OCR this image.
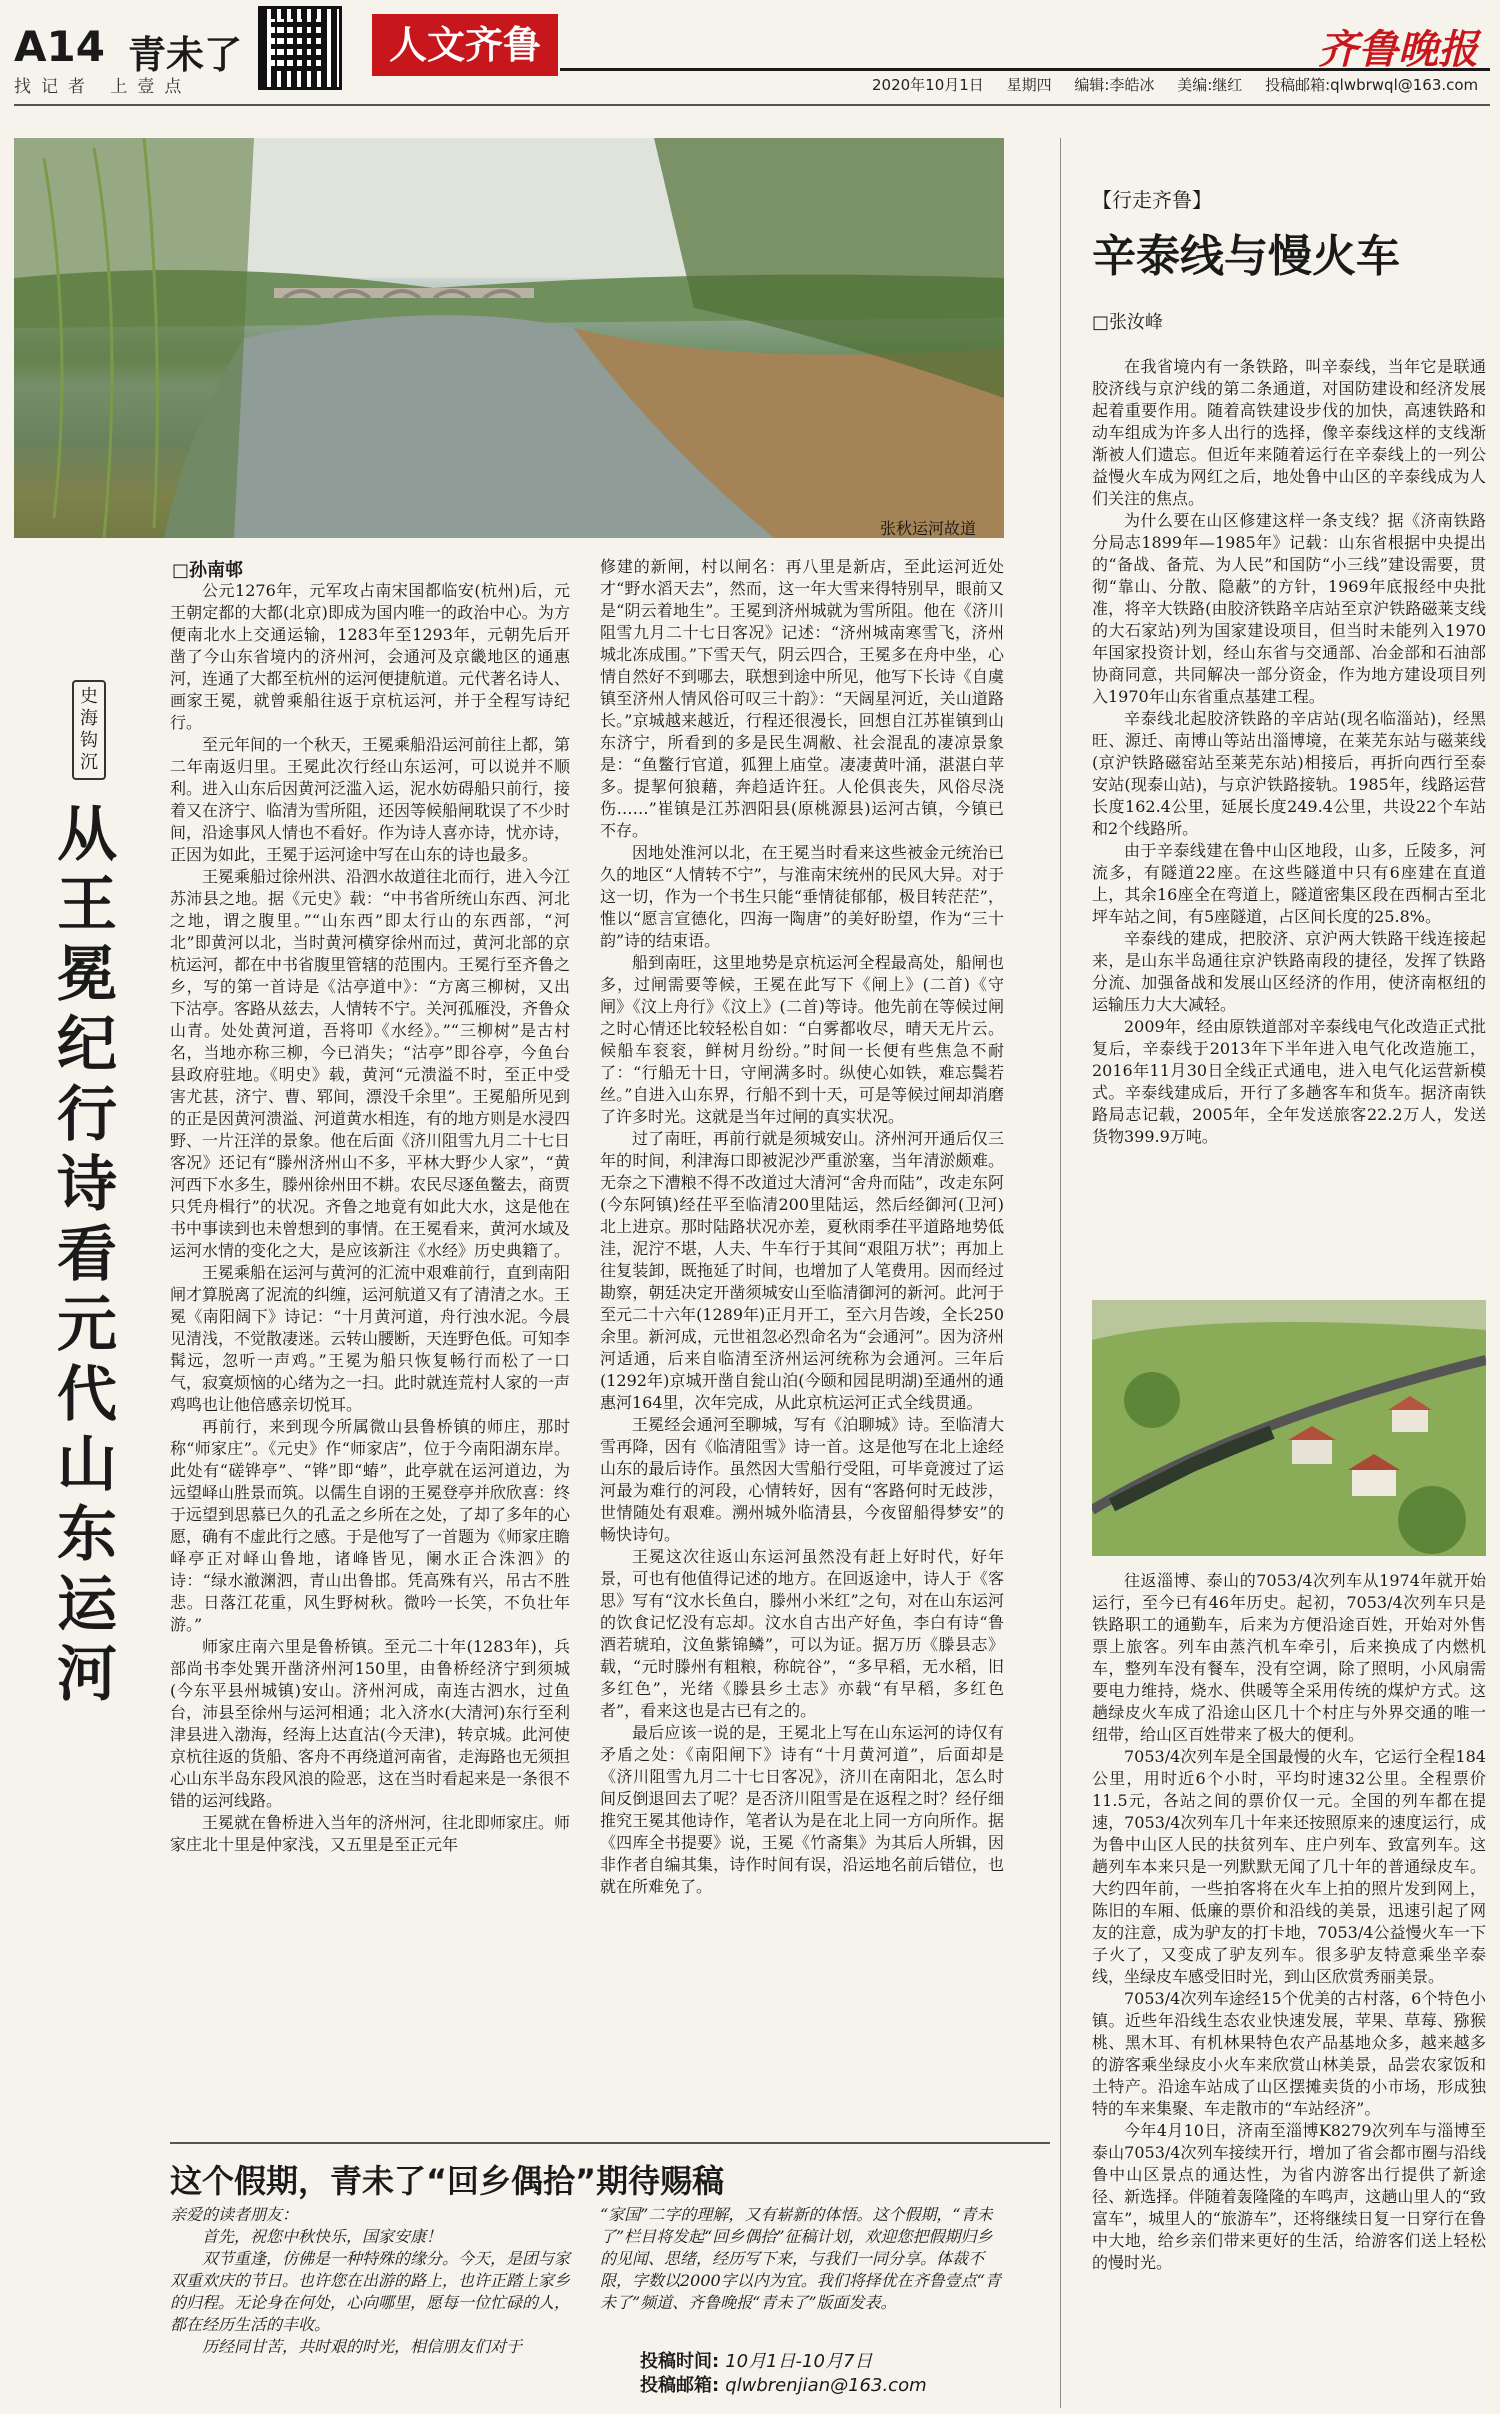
A14 青未了
找记者 上壹点
人文齐鲁	齐鲁晚报
2020年10月1日 星期四 编辑:李皓冰 美编:继红 投稿邮箱:qlwbrwql@163.com
张秋运河故道
史海钩沉
从王冕纪行诗看元代山东运河
□孙南邨

公元1276年，元军攻占南宋国都临安(杭州)后，元王朝定都的大都(北京)即成为国内唯一的政治中心。为方便南北水上交通运输，1283年至1293年，元朝先后开凿了今山东省境内的济州河，会通河及京畿地区的通惠河，连通了大都至杭州的运河便捷航道。元代著名诗人、画家王冕，就曾乘船往返于京杭运河，并于全程写诗纪行。

至元年间的一个秋天，王冕乘船沿运河前往上都，第二年南返归里。王冕此次行经山东运河，可以说并不顺利。进入山东后因黄河泛滥入运，泥水妨碍船只前行，接着又在济宁、临清为雪所阻，还因等候船闸耽误了不少时间，沿途事风人情也不看好。作为诗人喜亦诗，忧亦诗，正因为如此，王冕于运河途中写在山东的诗也最多。

王冕乘船过徐州洪、沿泗水故道往北而行，进入今江苏沛县之地。据《元史》载：“中书省所统山东西、河北之地，谓之腹里。”“山东西”即太行山的东西部，“河北”即黄河以北，当时黄河横穿徐州而过，黄河北部的京杭运河，都在中书省腹里管辖的范围内。王冕行至齐鲁之乡，写的第一首诗是《沽亭道中》：“方离三柳树，又出下沽亭。客路从兹去，人情转不宁。关河孤雁没，齐鲁众山青。处处黄河道，吾将叩《水经》。”“三柳树”是古村名，当地亦称三柳，今已消失；“沽亭”即谷亭，今鱼台县政府驻地。《明史》载，黄河“元溃溢不时，至正中受害尤甚，济宁、曹、郓间，漂没千余里”。王冕船所见到的正是因黄河溃溢、河道黄水相连，有的地方则是水浸四野、一片汪洋的景象。他在后面《济川阻雪九月二十七日客况》还记有“滕州济州山不多，平林大野少人家”，“黄河西下水多生，滕州徐州田不耕。农民尽逐鱼鳖去，商贾只凭舟楫行”的状况。齐鲁之地竟有如此大水，这是他在书中事读到也未曾想到的事情。在王冕看来，黄河水域及运河水情的变化之大，是应该新注《水经》历史典籍了。

王冕乘船在运河与黄河的汇流中艰难前行，直到南阳闸才算脱离了泥流的纠缠，运河航道又有了清清之水。王冕《南阳阔下》诗记：“十月黄河道，舟行浊水泥。今晨见清浅，不觉散凄迷。云转山腰断，天连野色低。可知李髯远，忽听一声鸡。”王冕为船只恢复畅行而松了一口气，寂寞烦恼的心绪为之一扫。此时就连荒村人家的一声鸡鸣也让他倍感亲切悦耳。

再前行，来到现今所属微山县鲁桥镇的师庄，那时称“师家庄”。《元史》作“师家店”，位于今南阳湖东岸。此处有“磋铧亭”、“铧”即“蝽”，此亭就在运河道边，为远望峄山胜景而筑。以儒生自诩的王冕登亭并欣欣喜：终于远望到思慕已久的孔孟之乡所在之处，了却了多年的心愿，确有不虚此行之感。于是他写了一首题为《师家庄瞻峄亭正对峄山鲁地，诸峰皆见，阑水正合洙泗》的诗：“绿水澈渊泗，青山出鲁邯。凭高殊有兴，吊古不胜悲。日落江花重，风生野树秋。微吟一长笑，不负壮年游。”

师家庄南六里是鲁桥镇。至元二十年(1283年)，兵部尚书李处巽开凿济州河150里，由鲁桥经济宁到须城(今东平县州城镇)安山。济州河成，南连古泗水，过鱼台，沛县至徐州与运河相通；北入济水(大清河)东行至利津县进入渤海，经海上达直沽(今天津)，转京城。此河使京杭往返的货船、客舟不再绕道河南省，走海路也无须担心山东半岛东段风浪的险恶，这在当时看起来是一条很不错的运河线路。

王冕就在鲁桥进入当年的济州河，往北即师家庄。师家庄北十里是仲家浅，又五里是至正元年

修建的新闸，村以闸名：再八里是新店，至此运河近处才“野水滔天去”，然而，这一年大雪来得特别早，眼前又是“阴云着地生”。王冕到济州城就为雪所阻。他在《济川阻雪九月二十七日客况》记述：“济州城南寒雪飞，济州城北冻成围。”下雪天气，阴云四合，王冕多在舟中坐，心情自然好不到哪去，联想到途中所见，他写下长诗《自虞镇至济州人情风俗可叹三十韵》：“天阔星河近，关山道路长。”京城越来越近，行程还很漫长，回想自江苏崔镇到山东济宁，所看到的多是民生凋敝、社会混乱的凄凉景象是：“鱼鳖行官道，狐狸上庙堂。凄凄黄叶涌，湛湛白苹多。提挈何狼藉，奔趋适许狂。人伦俱丧失，风俗尽浇伤……”崔镇是江苏泗阳县(原桃源县)运河古镇，今镇已不存。

因地处淮河以北，在王冕当时看来这些被金元统治已久的地区“人情转不宁”，与淮南宋统州的民风大异。对于这一切，作为一个书生只能“垂情徒郁郁，极目转茫茫”，惟以“愿言宣德化，四海一陶唐”的美好盼望，作为“三十韵”诗的结束语。

船到南旺，这里地势是京杭运河全程最高处，船闸也多，过闸需要等候，王冕在此写下《闸上》(二首)《守闸》《汶上舟行》《汶上》(二首)等诗。他先前在等候过闸之时心情还比较轻松自如：“白雾都收尽，晴天无片云。候船车衮衮，鲜树月纷纷。”时间一长便有些焦急不耐了：“行船无十日，守闸满多时。纵使心如铁，难忘鬓若丝。”自进入山东界，行船不到十天，可是等候过闸却消磨了许多时光。这就是当年过闸的真实状况。

过了南旺，再前行就是须城安山。济州河开通后仅三年的时间，利津海口即被泥沙严重淤塞，当年清淤颇难。无奈之下漕粮不得不改道过大清河“舍舟而陆”，改走东阿(今东阿镇)经茌平至临清200里陆运，然后经御河(卫河)北上进京。那时陆路状况亦差，夏秋雨季茌平道路地势低洼，泥泞不堪，人夫、牛车行于其间“艰阻万状”；再加上往复装卸，既拖延了时间，也增加了人笔费用。因而经过勘察，朝廷决定开凿须城安山至临清御河的新河。此河于至元二十六年(1289年)正月开工，至六月告竣，全长250余里。新河成，元世祖忽必烈命名为“会通河”。因为济州河适通，后来自临清至济州运河统称为会通河。三年后(1292年)京城开凿自瓮山泊(今颐和园昆明湖)至通州的通惠河164里，次年完成，从此京杭运河正式全线贯通。

王冕经会通河至聊城，写有《泊聊城》诗。至临清大雪再降，因有《临清阻雪》诗一首。这是他写在北上途经山东的最后诗作。虽然因大雪船行受阻，可毕竟渡过了运河最为难行的河段，心情转好，因有“客路何时无歧涉，世情随处有艰难。溯州城外临清县，今夜留船得梦安”的畅快诗句。

王冕这次往返山东运河虽然没有赶上好时代，好年景，可也有他值得记述的地方。在回返途中，诗人于《客思》写有“汶水长鱼白，滕州小米红”之句，对在山东运河的饮食记忆没有忘却。汶水自古出产好鱼，李白有诗“鲁酒若琥珀，汶鱼紫锦鳞”，可以为证。据万历《滕县志》载，“元时滕州有粗粮，称皖谷”，“多早稻，无水稻，旧多红色”，光绪《滕县乡土志》亦载“有早稻，多红色者”，看来这也是古已有之的。

最后应该一说的是，王冕北上写在山东运河的诗仅有矛盾之处：《南阳闸下》诗有“十月黄河道”，后面却是《济川阻雪九月二十七日客况》，济川在南阳北，怎么时间反倒退回去了呢？是否济川阻雪是在返程之时？经仔细推究王冕其他诗作，笔者认为是在北上同一方向所作。据《四库全书提要》说，王冕《竹斋集》为其后人所辑，因非作者自编其集，诗作时间有误，沿运地名前后错位，也就在所难免了。

【行走齐鲁】
辛泰线与慢火车
□张汝峰

在我省境内有一条铁路，叫辛泰线，当年它是联通胶济线与京沪线的第二条通道，对国防建设和经济发展起着重要作用。随着高铁建设步伐的加快，高速铁路和动车组成为许多人出行的选择，像辛泰线这样的支线渐渐被人们遗忘。但近年来随着运行在辛泰线上的一列公益慢火车成为网红之后，地处鲁中山区的辛泰线成为人们关注的焦点。

为什么要在山区修建这样一条支线？据《济南铁路分局志1899年—1985年》记载：山东省根据中央提出的“备战、备荒、为人民”和国防“小三线”建设需要，贯彻“靠山、分散、隐蔽”的方针，1969年底报经中央批准，将辛大铁路(由胶济铁路辛店站至京沪铁路磁莱支线的大石家站)列为国家建设项目，但当时未能列入1970年国家投资计划，经山东省与交通部、冶金部和石油部协商同意，共同解决一部分资金，作为地方建设项目列入1970年山东省重点基建工程。

辛泰线北起胶济铁路的辛店站(现名临淄站)，经黑旺、源迁、南博山等站出淄博境，在莱芜东站与磁莱线(京沪铁路磁窑站至莱芜东站)相接后，再折向西行至泰安站(现泰山站)，与京沪铁路接轨。1985年，线路运营长度162.4公里，延展长度249.4公里，共设22个车站和2个线路所。

由于辛泰线建在鲁中山区地段，山多，丘陵多，河流多，有隧道22座。在这些隧道中只有6座建在直道上，其余16座全在弯道上，隧道密集区段在西桐古至北坪车站之间，有5座隧道，占区间长度的25.8%。

辛泰线的建成，把胶济、京沪两大铁路干线连接起来，是山东半岛通往京沪铁路南段的捷径，发挥了铁路分流、加强备战和发展山区经济的作用，使济南枢纽的运输压力大大减轻。

2009年，经由原铁道部对辛泰线电气化改造正式批复后，辛泰线于2013年下半年进入电气化改造施工，2016年11月30日全线正式通电，进入电气化运营新模式。辛泰线建成后，开行了多趟客车和货车。据济南铁路局志记载，2005年，全年发送旅客22.2万人，发送货物399.9万吨。

往返淄博、泰山的7053/4次列车从1974年就开始运行，至今已有46年历史。起初，7053/4次列车只是铁路职工的通勤车，后来为方便沿途百姓，开始对外售票上旅客。列车由蒸汽机车牵引，后来换成了内燃机车，整列车没有餐车，没有空调，除了照明，小风扇需要电力维持，烧水、供暖等全采用传统的煤炉方式。这趟绿皮火车成了沿途山区几十个村庄与外界交通的唯一纽带，给山区百姓带来了极大的便利。

7053/4次列车是全国最慢的火车，它运行全程184公里，用时近6个小时，平均时速32公里。全程票价11.5元，各站之间的票价仅一元。全国的列车都在提速，7053/4次列车几十年来还按照原来的速度运行，成为鲁中山区人民的扶贫列车、庄户列车、致富列车。这趟列车本来只是一列默默无闻了几十年的普通绿皮车。大约四年前，一些拍客将在火车上拍的照片发到网上，陈旧的车厢、低廉的票价和沿线的美景，迅速引起了网友的注意，成为驴友的打卡地，7053/4公益慢火车一下子火了，又变成了驴友列车。很多驴友特意乘坐辛泰线，坐绿皮车感受旧时光，到山区欣赏秀丽美景。

7053/4次列车途经15个优美的古村落，6个特色小镇。近些年沿线生态农业快速发展，苹果、草莓、猕猴桃、黑木耳、有机林果特色农产品基地众多，越来越多的游客乘坐绿皮小火车来欣赏山林美景，品尝农家饭和土特产。沿途车站成了山区摆摊卖货的小市场，形成独特的车来集聚、车走散市的“车站经济”。

今年4月10日，济南至淄博K8279次列车与淄博至泰山7053/4次列车接续开行，增加了省会都市圈与沿线鲁中山区景点的通达性，为省内游客出行提供了新途径、新选择。伴随着轰隆隆的车鸣声，这趟山里人的“致富车”，城里人的“旅游车”，还将继续日复一日穿行在鲁中大地，给乡亲们带来更好的生活，给游客们送上轻松的慢时光。

这个假期，青未了“回乡偶拾”期待赐稿

亲爱的读者朋友：

首先，祝您中秋快乐，国家安康！

双节重逢，仿佛是一种特殊的缘分。今天，是团与家双重欢庆的节日。也许您在出游的路上，也许正踏上家乡的归程。无论身在何处，心向哪里，愿每一位忙碌的人，都在经历生活的丰收。

历经同甘苦，共时艰的时光，相信朋友们对于

“家国”二字的理解，又有崭新的体悟。这个假期，“青未了”栏目将发起“回乡偶拾”征稿计划，欢迎您把假期归乡的见闻、思绪，经历写下来，与我们一同分享。体裁不限，字数以2000字以内为宜。我们将择优在齐鲁壹点“青未了”频道、齐鲁晚报“青未了”版面发表。

投稿时间: 10月1日-10月7日
投稿邮箱: qlwbrenjian@163.com
